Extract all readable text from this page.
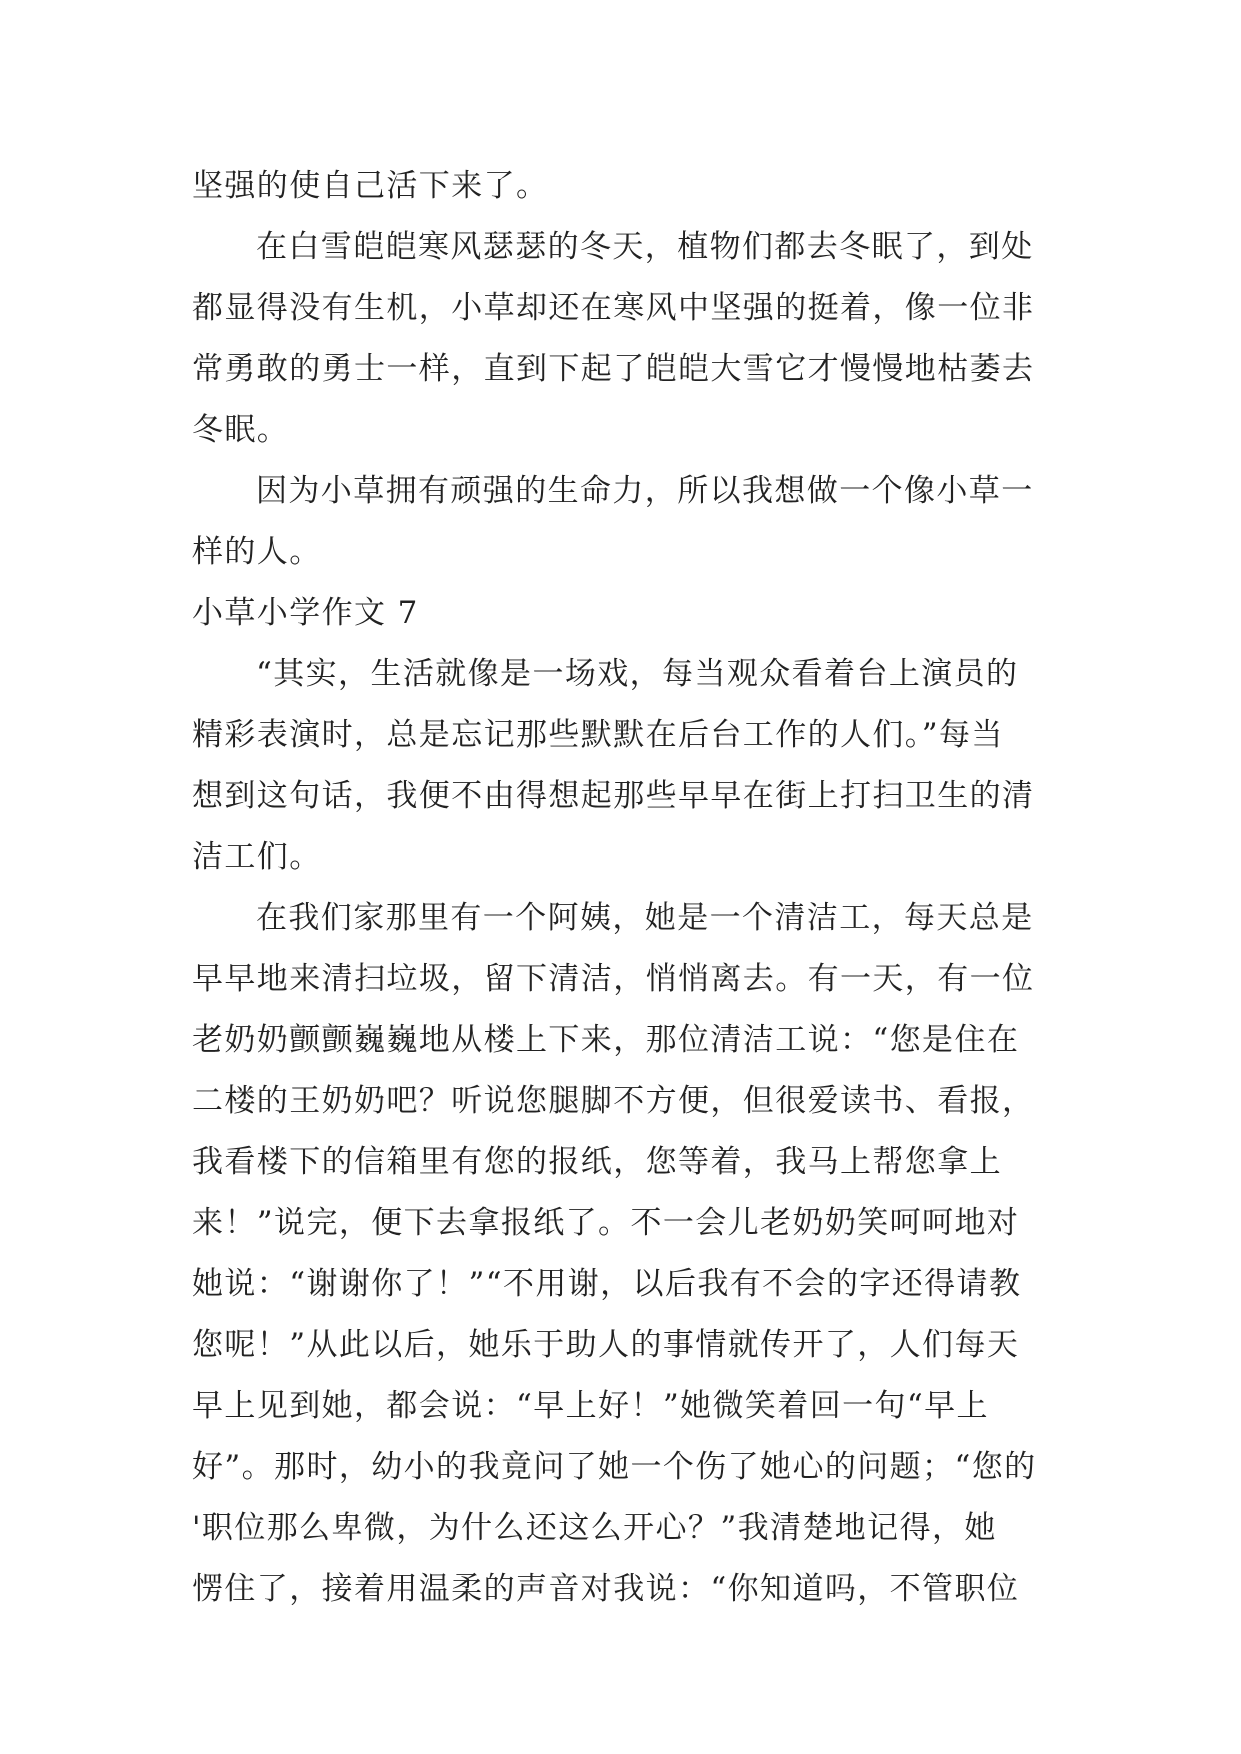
坚强的使自己活下来了。
在白雪皑皑寒风瑟瑟的冬天，植物们都去冬眠了，到处
都显得没有生机，小草却还在寒风中坚强的挺着，像一位非
常勇敢的勇士一样，直到下起了皑皑大雪它才慢慢地枯萎去
冬眠。
因为小草拥有顽强的生命力，所以我想做一个像小草一
样的人。
小草小学作文 7
“其实，生活就像是一场戏，每当观众看着台上演员的
精彩表演时，总是忘记那些默默在后台工作的人们。”每当
想到这句话，我便不由得想起那些早早在街上打扫卫生的清
洁工们。
在我们家那里有一个阿姨，她是一个清洁工，每天总是
早早地来清扫垃圾，留下清洁，悄悄离去。有一天，有一位
老奶奶颤颤巍巍地从楼上下来，那位清洁工说：“您是住在
二楼的王奶奶吧？听说您腿脚不方便，但很爱读书、看报，
我看楼下的信箱里有您的报纸，您等着，我马上帮您拿上
来！”说完，便下去拿报纸了。不一会儿老奶奶笑呵呵地对
她说：“谢谢你了！”“不用谢，以后我有不会的字还得请教
您呢！”从此以后，她乐于助人的事情就传开了，人们每天
早上见到她，都会说：“早上好！”她微笑着回一句“早上
好”。那时，幼小的我竟问了她一个伤了她心的问题；“您的
'职位那么卑微，为什么还这么开心？”我清楚地记得，她
愣住了，接着用温柔的声音对我说：“你知道吗，不管职位
